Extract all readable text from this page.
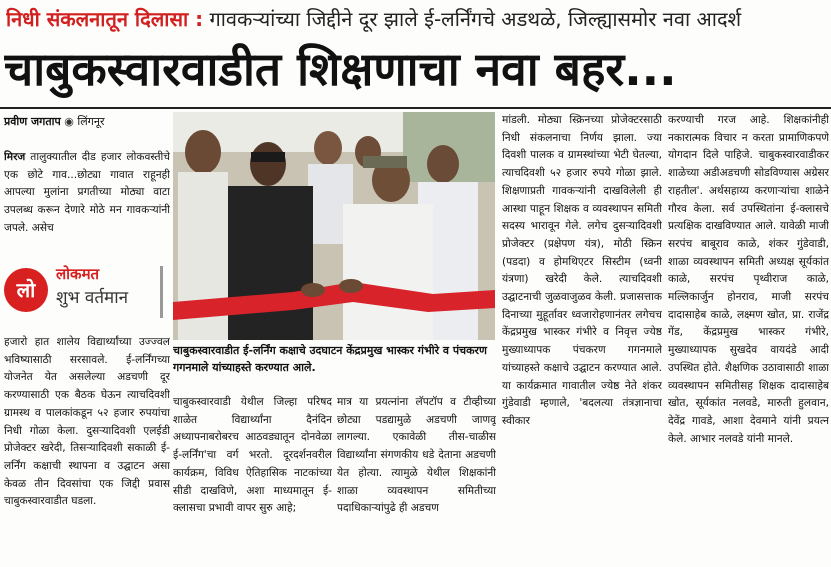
निधी संकलनातून दिलासा : गावकऱ्यांच्या जिद्दीने दूर झाले ई-लर्निंगचे अडथळे, जिल्ह्यासमोर नवा आदर्श
चाबुकस्वारवाडीत शिक्षणाचा नवा बहर...
प्रवीण जगताप ◉ लिंगनूर

मिरज तालुक्यातील दीड हजार लोकवस्तीचे एक छोटे गाव...छोट्या गावात राहूनही आपल्या मुलांना प्रगतीच्या मोठ्या वाटा उपलब्ध करून देणारे मोठे मन गावकऱ्यांनी जपले. असेच

लो
लोकमत
शुभ वर्तमान

हजारो हात शालेय विद्यार्थ्यांच्या उज्ज्वल भविष्यासाठी सरसावले. ई-लर्निंगच्या योजनेत येत असलेल्या अडचणी दूर करण्यासाठी एक बैठक घेऊन त्याचदिवशी ग्रामस्थ व पालकांकडून ५२ हजार रुपयांचा निधी गोळा केला. दुसऱ्यादिवशी एलईडी प्रोजेक्टर खरेदी, तिसऱ्यादिवशी सकाळी ई-लर्निंग कक्षाची स्थापना व उद्घाटन असा केवळ तीन दिवसांचा एक जिद्दी प्रवास चाबुकस्वारवाडीत घडला.

चाबुकस्वारवाडीत ई-लर्निंग कक्षाचे उदघाटन केंद्रप्रमुख भास्कर गंभीरे व पंचकरण गगनमाले यांच्याहस्ते करण्यात आले.

चाबुकस्वारवाडी येथील जिल्हा परिषद शाळेत विद्यार्थ्यांना दैनंदिन अध्यापनाबरोबरच आठवड्यातून दोनवेळा ई-लर्निंग'चा वर्ग भरतो. दूरदर्शनवरील कार्यक्रम, विविध ऐतिहासिक नाटकांच्या सीडी दाखविणे, अशा माध्यमातून ई-क्लासचा प्रभावी वापर सुरु आहे;

मात्र या प्रयत्नांना लॅपटॉप व टीव्हीच्या छोट्या पडद्यामुळे अडचणी जाणवू लागल्या. एकावेळी तीस-चाळीस विद्यार्थ्यांना संगणकीय धडे देताना अडचणी येत होत्या. त्यामुळे येथील शिक्षकांनी शाळा व्यवस्थापन समितीच्या पदाधिकाऱ्यांपुढे ही अडचण

मांडली. मोठ्या स्क्रिनच्या प्रोजेक्टरसाठी निधी संकलनाचा निर्णय झाला. ज्या दिवशी पालक व ग्रामस्थांच्या भेटी घेतल्या, त्याचदिवशी ५२ हजार रुपये गोळा झाले. शिक्षणाप्रती गावकऱ्यांनी दाखविलेली ही आस्था पाहून शिक्षक व व्यवस्थापन समिती सदस्य भारावून गेले. लगेच दुसऱ्यादिवशी प्रोजेक्टर (प्रक्षेपण यंत्र), मोठी स्क्रिन (पडदा) व होमथिएटर सिस्टीम (ध्वनी यंत्रणा) खरेदी केले. त्याचदिवशी उद्घाटनाची जुळवाजुळव केली. प्रजासत्ताक दिनाच्या मुहूर्तावर ध्वजारोहणानंतर लगेचच केंद्रप्रमुख भास्कर गंभीरे व निवृत्त ज्येष्ठ मुख्याध्यापक पंचकरण गगनमाले यांच्याहस्ते कक्षाचे उद्घाटन करण्यात आले. या कार्यक्रमात गावातील ज्येष्ठ नेते शंकर गुंडेवाडी म्हणाले, 'बदलत्या तंत्रज्ञानाचा स्वीकार

करण्याची गरज आहे. शिक्षकांनीही नकारात्मक विचार न करता प्रामाणिकपणे योगदान दिले पाहिजे. चाबुकस्वारवाडीकर शाळेच्या अडीअडचणी सोडविण्यास अग्रेसर राहतील'. अर्थसहाय्य करणाऱ्यांचा शाळेने गौरव केला. सर्व उपस्थितांना ई-क्लासचे प्रत्यक्षिक दाखविण्यात आले. यावेळी माजी सरपंच बाबूराव काळे, शंकर गुंडेवाडी, शाळा व्यवस्थापन समिती अध्यक्ष सूर्यकांत काळे, सरपंच पृथ्वीराज काळे, मल्लिकार्जुन होनराव, माजी सरपंच दादासाहेब काळे, लक्ष्मण खोत, प्रा. राजेंद्र गेंड, केंद्रप्रमुख भास्कर गंभीरे, मुख्याध्यापक सुखदेव वायदंडे आदी उपस्थित होते. शैक्षणिक उठावासाठी शाळा व्यवस्थापन समितीसह शिक्षक दादासाहेब खोत, सूर्यकांत नलवडे, मारुती हुलवान, देवेंद्र गावडे, आशा देवमाने यांनी प्रयत्न केले. आभार नलवडे यांनी मानले.
